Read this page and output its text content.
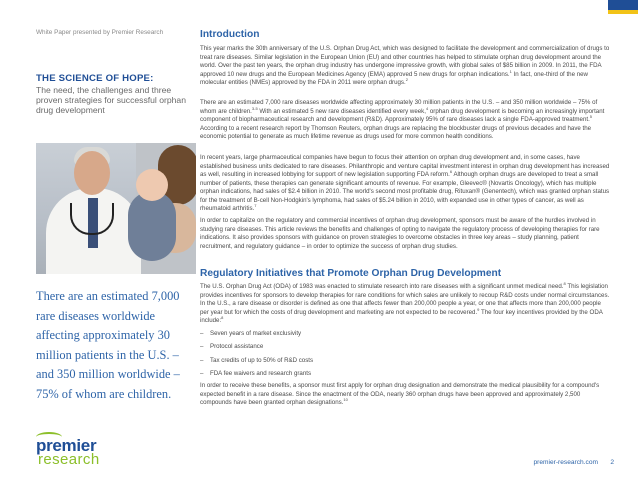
White Paper presented by Premier Research
THE SCIENCE OF HOPE:
The need, the challenges and three proven strategies for successful orphan drug development
There are an estimated 7,000 rare diseases worldwide affecting approximately 30 million patients in the U.S. – and 350 million worldwide – 75% of whom are children.
premier
research
Introduction

This year marks the 30th anniversary of the U.S. Orphan Drug Act, which was designed to facilitate the development and commercialization of drugs to treat rare diseases. Similar legislation in the European Union (EU) and other countries has helped to stimulate orphan drug development around the world. Over the past ten years, the orphan drug industry has undergone impressive growth, with global sales of $85 billion in 2009. In 2011, the FDA approved 10 new drugs and the European Medicines Agency (EMA) approved 5 new drugs for orphan indications.$^1$ In fact, one-third of the new molecular entities (NMEs) approved by the FDA in 2011 were orphan drugs.$^2$

There are an estimated 7,000 rare diseases worldwide affecting approximately 30 million patients in the U.S. – and 350 million worldwide – 75% of whom are children.$^{3-5}$ With an estimated 5 new rare diseases identified every week,$^4$ orphan drug development is becoming an increasingly important component of biopharmaceutical research and development (R&D). Approximately 95% of rare diseases lack a single FDA-approved treatment.$^5$ According to a recent research report by Thomson Reuters, orphan drugs are replacing the blockbuster drugs of previous decades and have the economic potential to generate as much lifetime revenue as drugs used for more common health conditions.

In recent years, large pharmaceutical companies have begun to focus their attention on orphan drug development and, in some cases, have established business units dedicated to rare diseases. Philanthropic and venture capital investment interest in orphan drug development has increased as well, resulting in increased lobbying for support of new legislation supporting FDA reform.$^6$ Although orphan drugs are developed to treat a small number of patients, these therapies can generate significant amounts of revenue. For example, Gleevec® (Novartis Oncology), which has multiple orphan indications, had sales of $2.4 billion in 2010. The world's second most profitable drug, Rituxan® (Genentech), which was granted orphan status for the treatment of B-cell Non-Hodgkin's lymphoma, had sales of $5.24 billion in 2010, with expanded use in other types of cancer, as well as rheumatoid arthritis.$^7$

In order to capitalize on the regulatory and commercial incentives of orphan drug development, sponsors must be aware of the hurdles involved in studying rare diseases. This article reviews the benefits and challenges of opting to navigate the regulatory process of developing therapies for rare indications. It also provides sponsors with guidance on proven strategies to overcome obstacles in three key areas – study planning, patient recruitment, and regulatory guidance – in order to optimize the success of orphan drug studies.

Regulatory Initiatives that Promote Orphan Drug Development

The U.S. Orphan Drug Act (ODA) of 1983 was enacted to stimulate research into rare diseases with a significant unmet medical need.$^8$ This legislation provides incentives for sponsors to develop therapies for rare conditions for which sales are unlikely to recoup R&D costs under normal circumstances. In the U.S., a rare disease or disorder is defined as one that affects fewer than 200,000 people a year, or one that affects more than 200,000 people per year but for which the costs of drug development and marketing are not expected to be recovered.$^9$ The four key incentives provided by the ODA include:$^8$

– Seven years of market exclusivity
– Protocol assistance
– Tax credits of up to 50% of R&D costs
– FDA fee waivers and research grants

In order to receive these benefits, a sponsor must first apply for orphan drug designation and demonstrate the medical plausibility for a compound's expected benefit in a rare disease. Since the enactment of the ODA, nearly 360 orphan drugs have been approved and approximately 2,500 compounds have been granted orphan designations.$^{10}$

premier-research.com 2
